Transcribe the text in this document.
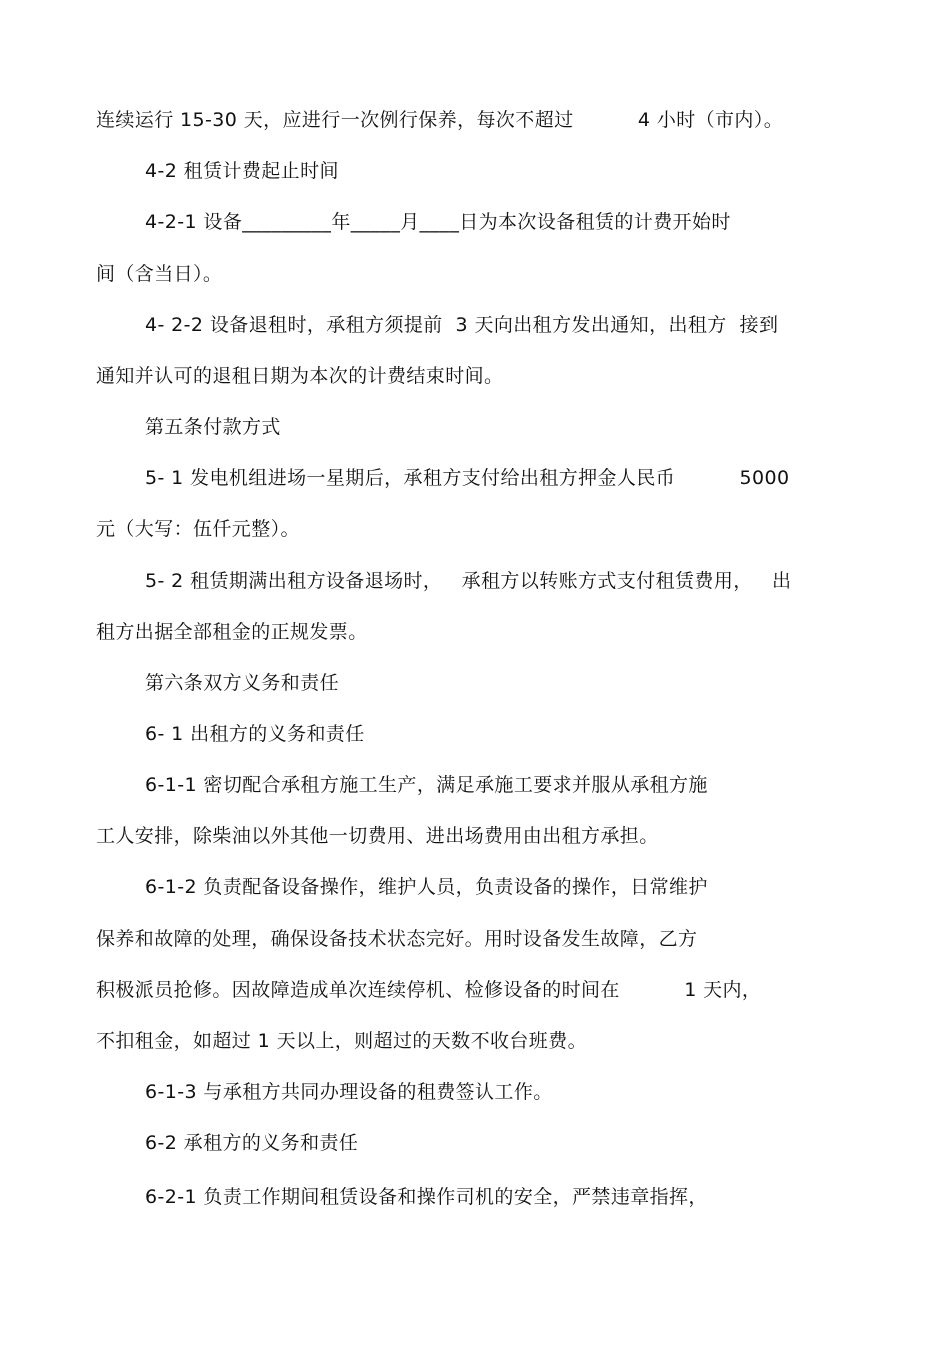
连续运行 15-30 天，应进行一次例行保养，每次不超过          4 小时（市内）。
4-2 租赁计费起止时间
4-2-1 设备_________年_____月____日为本次设备租赁的计费开始时
间（含当日）。
4- 2-2 设备退租时，承租方须提前  3 天向出租方发出通知，出租方  接到
通知并认可的退租日期为本次的计费结束时间。
第五条付款方式
5- 1 发电机组进场一星期后，承租方支付给出租方押金人民币          5000
元（大写：伍仟元整）。
5- 2 租赁期满出租方设备退场时，   承租方以转账方式支付租赁费用，   出
租方出据全部租金的正规发票。
第六条双方义务和责任
6- 1 出租方的义务和责任
6-1-1 密切配合承租方施工生产，满足承施工要求并服从承租方施
工人安排，除柴油以外其他一切费用、进出场费用由出租方承担。
6-1-2 负责配备设备操作，维护人员，负责设备的操作，日常维护
保养和故障的处理，确保设备技术状态完好。用时设备发生故障，乙方
积极派员抢修。因故障造成单次连续停机、检修设备的时间在          1 天内，
不扣租金，如超过 1 天以上，则超过的天数不收台班费。
6-1-3 与承租方共同办理设备的租费签认工作。
6-2 承租方的义务和责任
6-2-1 负责工作期间租赁设备和操作司机的安全，严禁违章指挥，
